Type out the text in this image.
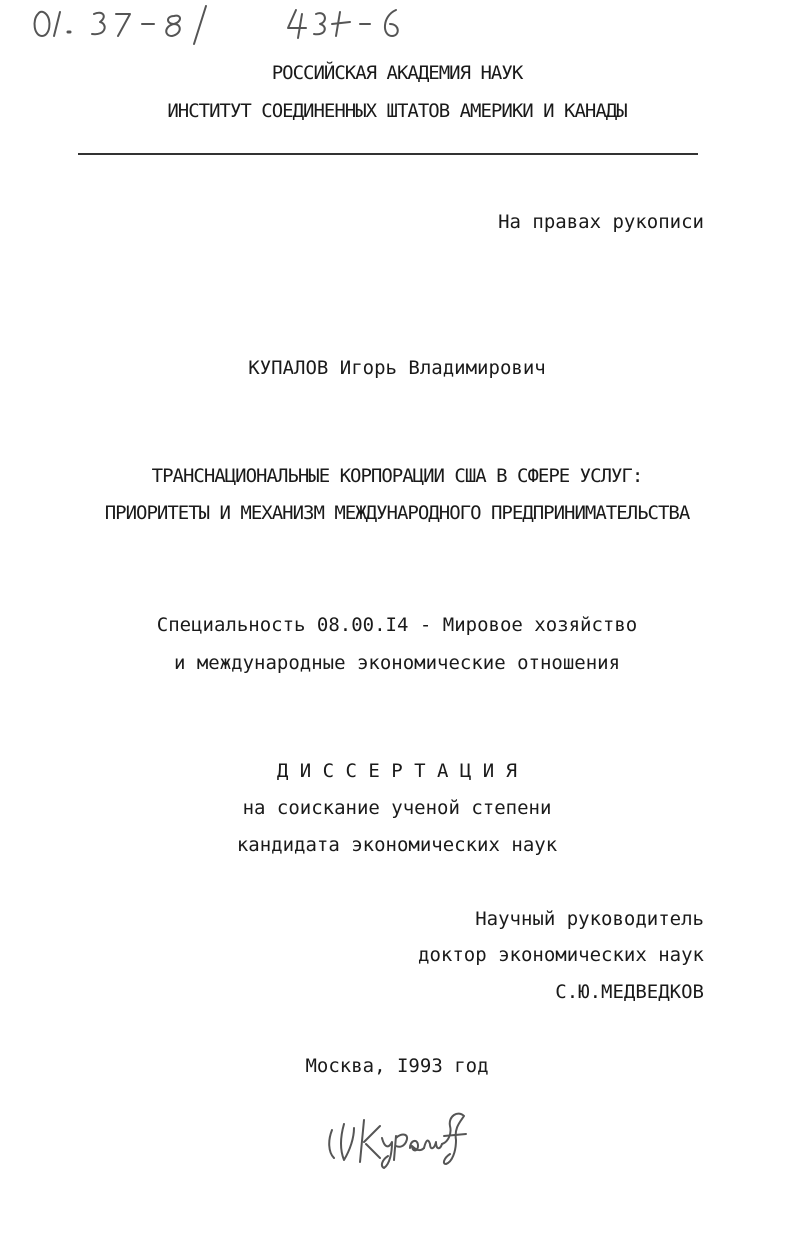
РОССИЙСКАЯ АКАДЕМИЯ НАУК
ИНСТИТУТ СОЕДИНЕННЫХ ШТАТОВ АМЕРИКИ И КАНАДЫ
На правах рукописи
КУПАЛОВ Игорь Владимирович
ТРАНСНАЦИОНАЛЬНЫЕ КОРПОРАЦИИ США В СФЕРЕ УСЛУГ:
ПРИОРИТЕТЫ И МЕХАНИЗМ МЕЖДУНАРОДНОГО ПРЕДПРИНИМАТЕЛЬСТВА
Специальность 08.00.I4 - Мировое хозяйство
и международные экономические отношения
Д И С С Е Р Т А Ц И Я
на соискание ученой степени
кандидата экономических наук
Научный руководитель
доктор экономических наук
С.Ю.МЕДВЕДКОВ
Москва, I993 год
